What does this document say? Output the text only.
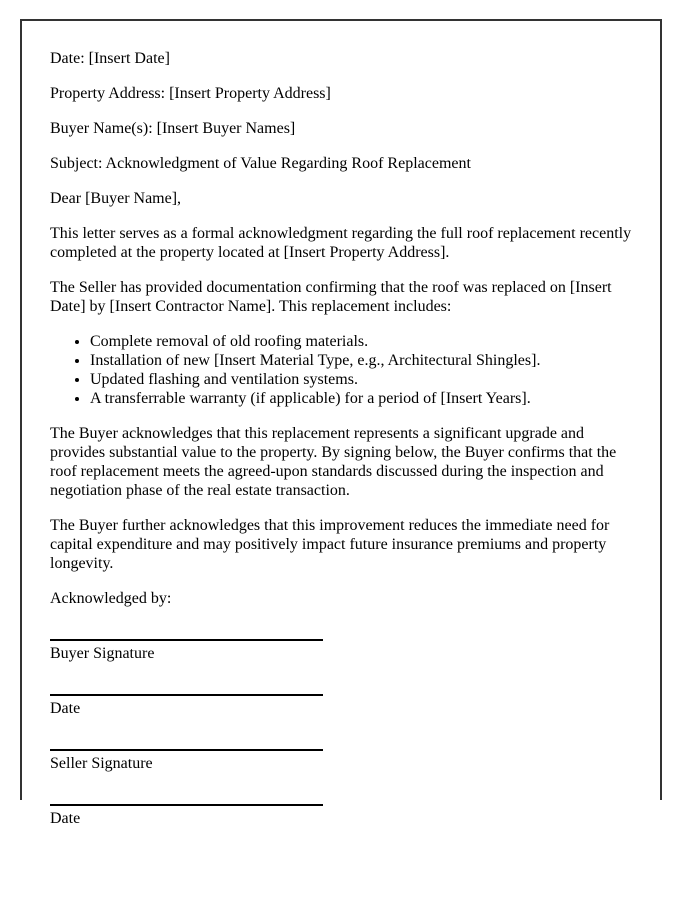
Date: [Insert Date]

Property Address: [Insert Property Address]

Buyer Name(s): [Insert Buyer Names]

Subject: Acknowledgment of Value Regarding Roof Replacement

Dear [Buyer Name],

This letter serves as a formal acknowledgment regarding the full roof replacement recently completed at the property located at [Insert Property Address].

The Seller has provided documentation confirming that the roof was replaced on [Insert Date] by [Insert Contractor Name]. This replacement includes:

• Complete removal of old roofing materials.
• Installation of new [Insert Material Type, e.g., Architectural Shingles].
• Updated flashing and ventilation systems.
• A transferrable warranty (if applicable) for a period of [Insert Years].

The Buyer acknowledges that this replacement represents a significant upgrade and provides substantial value to the property. By signing below, the Buyer confirms that the roof replacement meets the agreed-upon standards discussed during the inspection and negotiation phase of the real estate transaction.

The Buyer further acknowledges that this improvement reduces the immediate need for capital expenditure and may positively impact future insurance premiums and property longevity.

Acknowledged by:

Buyer Signature
Date
Seller Signature
Date
